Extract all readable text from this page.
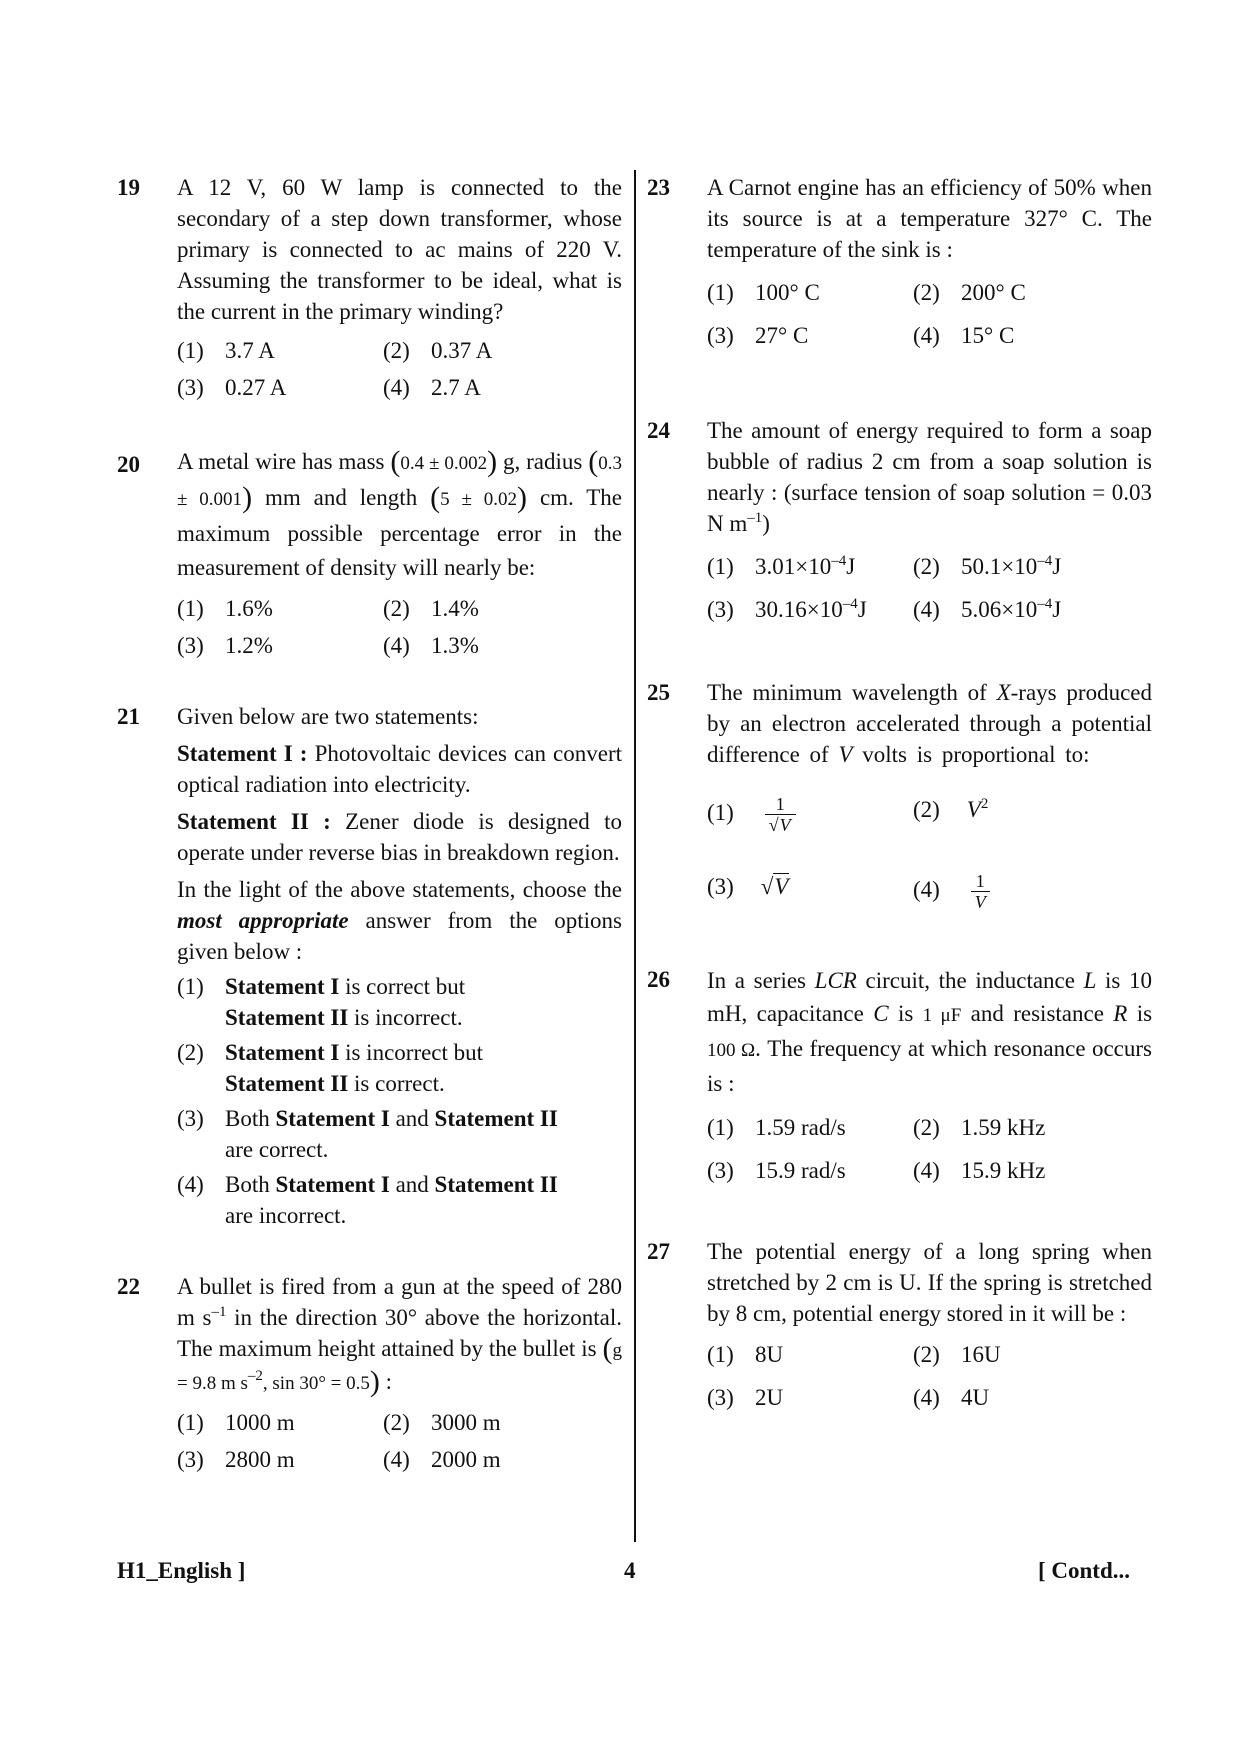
19 A 12 V, 60 W lamp is connected to the secondary of a step down transformer, whose primary is connected to ac mains of 220 V. Assuming the transformer to be ideal, what is the current in the primary winding?
(1) 3.7 A	(2) 0.37 A
(3) 0.27 A	(4) 2.7 A
20 A metal wire has mass (0.4 ± 0.002) g, radius (0.3 ± 0.001) mm and length (5 ± 0.02) cm. The maximum possible percentage error in the measurement of density will nearly be:
(1) 1.6%	(2) 1.4%
(3) 1.2%	(4) 1.3%
21 Given below are two statements:
Statement I : Photovoltaic devices can convert optical radiation into electricity.
Statement II : Zener diode is designed to operate under reverse bias in breakdown region.
In the light of the above statements, choose the most appropriate answer from the options given below :
(1) Statement I is correct but
Statement II is incorrect.
(2) Statement I is incorrect but
Statement II is correct.
(3) Both Statement I and Statement II
are correct.
(4) Both Statement I and Statement II
are incorrect.
22 A bullet is fired from a gun at the speed of 280 m $s^{-1}$ in the direction 30° above the horizontal. The maximum height attained by the bullet is (g = 9.8 m $s^{-2}$, sin 30° = 0.5) :
(1) 1000 m	(2) 3000 m
(3) 2800 m	(4) 2000 m
23 A Carnot engine has an efficiency of 50% when its source is at a temperature 327° C. The temperature of the sink is :
(1) 100° C	(2) 200° C
(3) 27° C	(4) 15° C
24 The amount of energy required to form a soap bubble of radius 2 cm from a soap solution is nearly : (surface tension of soap solution = 0.03 N $m^{-1}$)
(1) $3.01\times 10^{-4}J$	(2) $50.1\times 10^{-4}J$
(3) $30.16\times 10^{-4}J$	(4) $5.06\times 10^{-4}J$
25 The minimum wavelength of X-rays produced by an electron accelerated through a potential difference of V volts is proportional to:
$(1) \frac{1}{√V}$	(2) $V^2$
(3) √V	$(4) \frac{1}{V}$
26 In a series LCR circuit, the inductance L is 10 mH, capacitance C is 1 μF and resistance R is 100 Ω. The frequency at which resonance occurs is :
(1) 1.59 rad/s	(2) 1.59 kHz
(3) 15.9 rad/s	(4) 15.9 kHz
27 The potential energy of a long spring when stretched by 2 cm is U. If the spring is stretched by 8 cm, potential energy stored in it will be :
(1) 8U	(2) 16U
(3) 2U	(4) 4U
H1_English ]	4	[ Contd...
